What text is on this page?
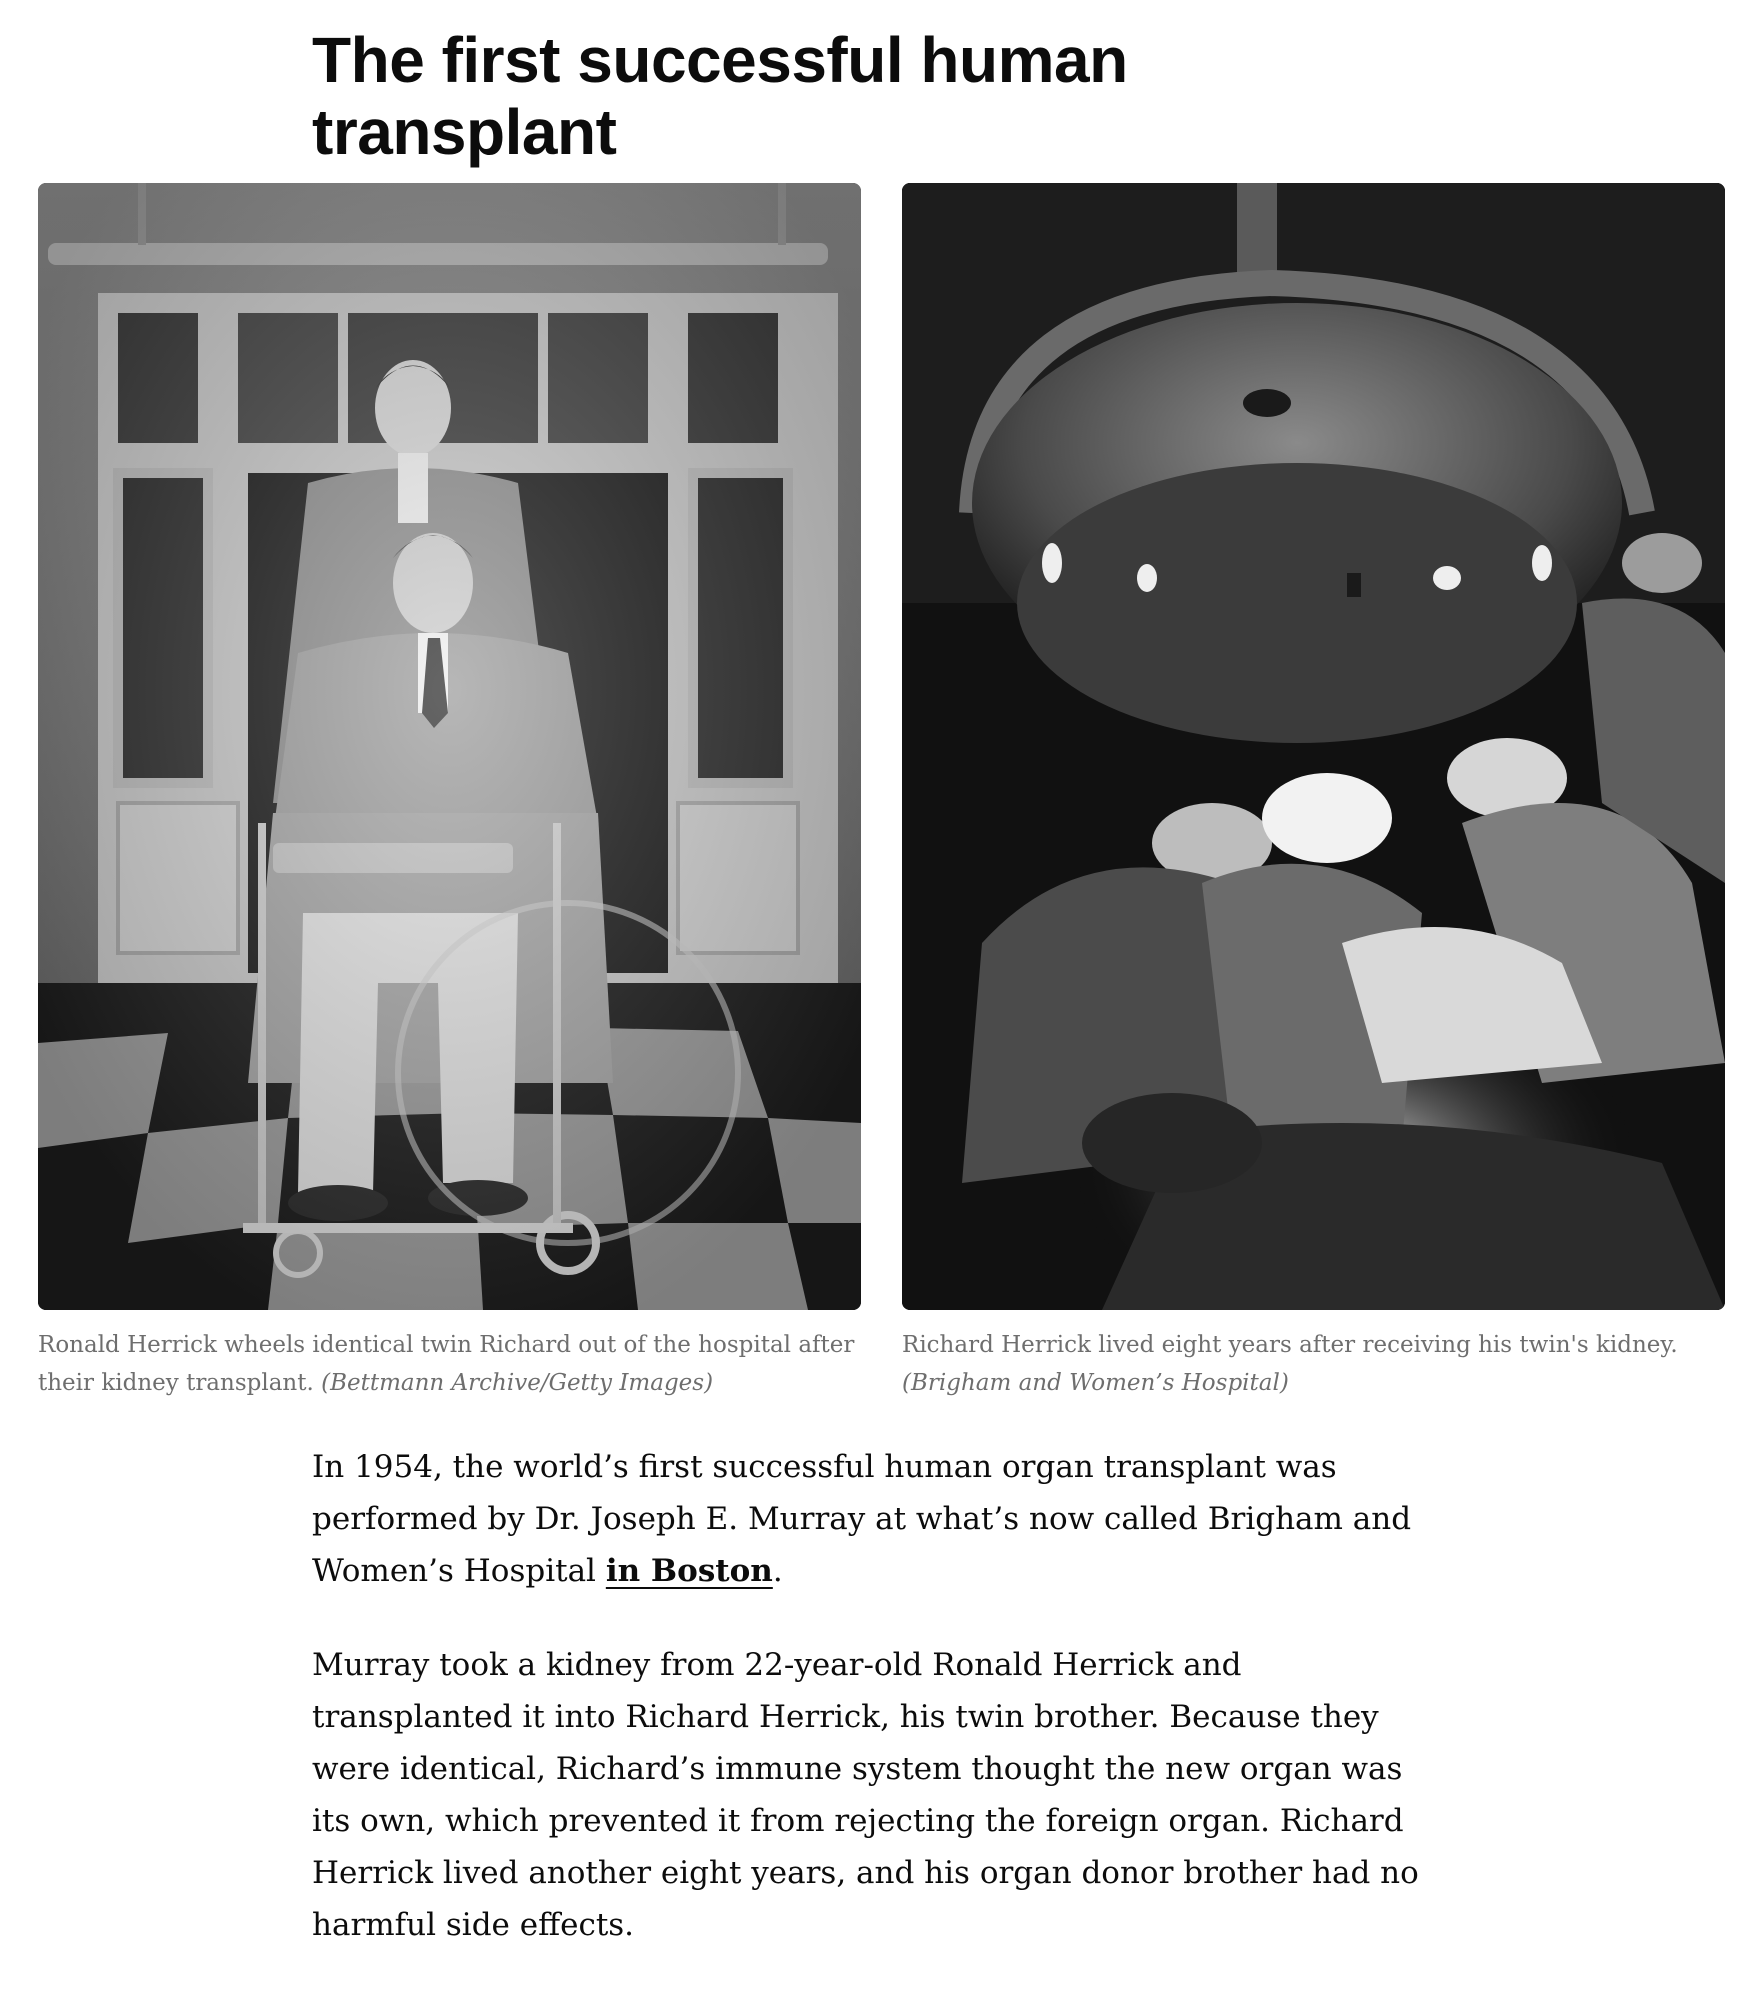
The first successful human transplant
Ronald Herrick wheels identical twin Richard out of the hospital after their kidney transplant. (Bettmann Archive/Getty Images)
Richard Herrick lived eight years after receiving his twin's kidney.
(Brigham and Women’s Hospital)

In 1954, the world’s first successful human organ transplant was performed by Dr. Joseph E. Murray at what’s now called Brigham and Women’s Hospital in Boston.

Murray took a kidney from 22-year-old Ronald Herrick and transplanted it into Richard Herrick, his twin brother. Because they were identical, Richard’s immune system thought the new organ was its own, which prevented it from rejecting the foreign organ. Richard Herrick lived another eight years, and his organ donor brother had no harmful side effects.
